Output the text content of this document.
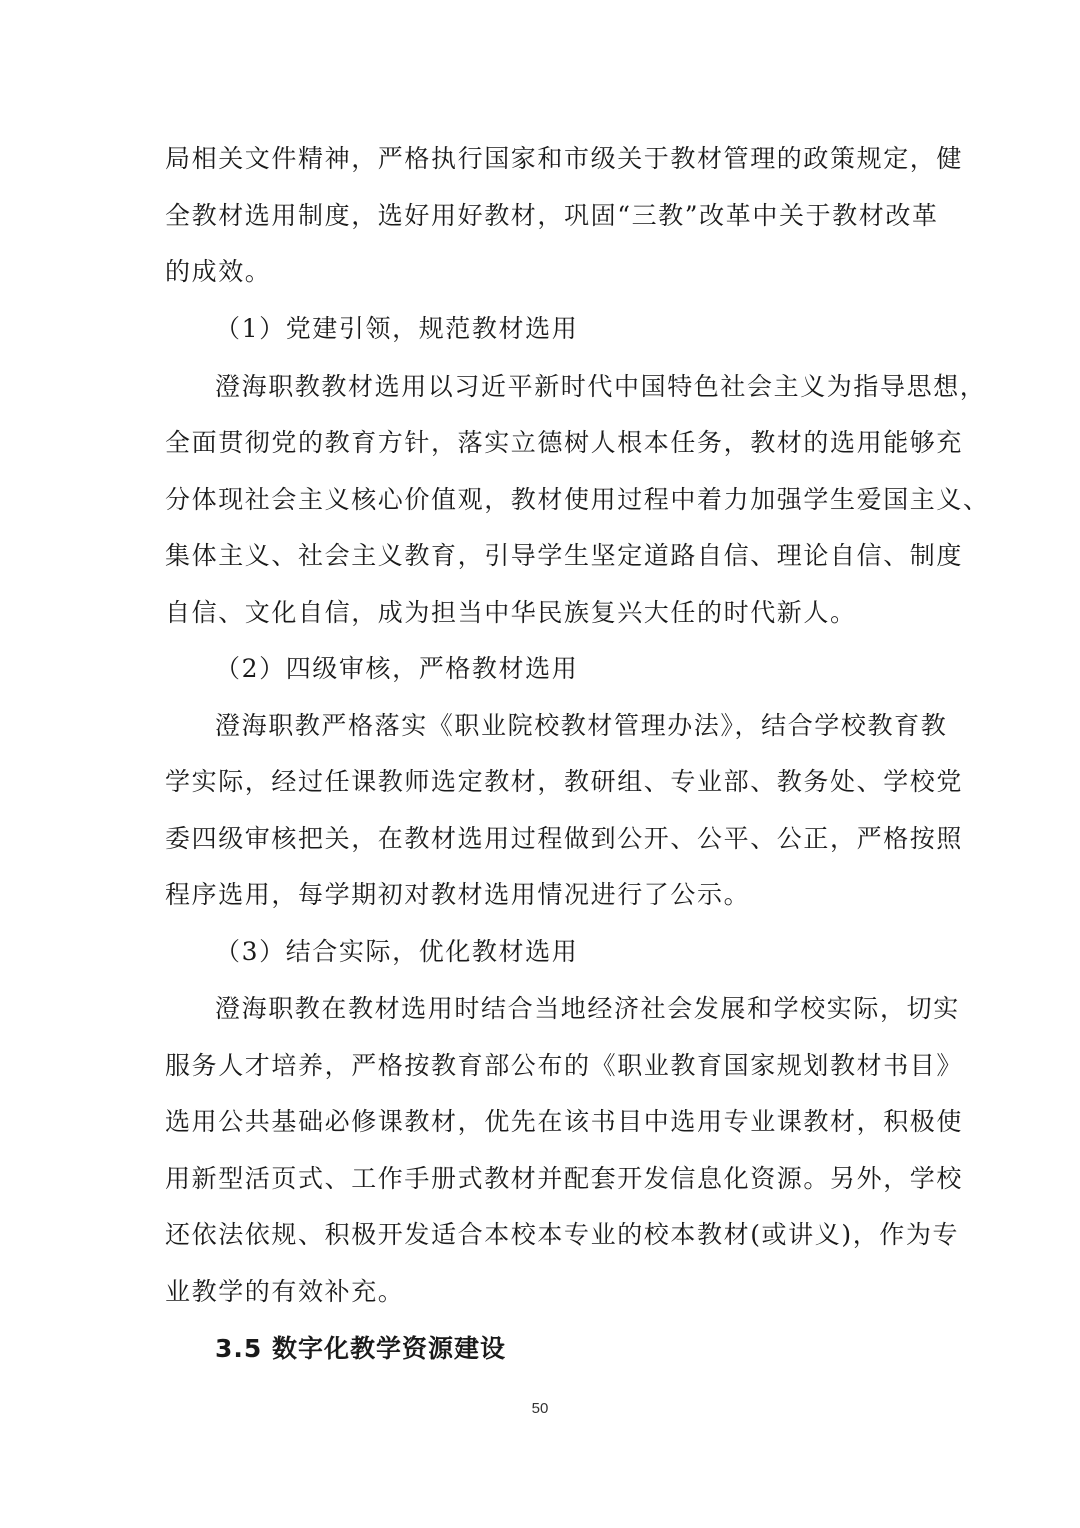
局相关文件精神，严格执行国家和市级关于教材管理的政策规定，健
全教材选用制度，选好用好教材，巩固“三教”改革中关于教材改革
的成效。
（1）党建引领，规范教材选用
澄海职教教材选用以习近平新时代中国特色社会主义为指导思想，
全面贯彻党的教育方针，落实立德树人根本任务，教材的选用能够充
分体现社会主义核心价值观，教材使用过程中着力加强学生爱国主义、
集体主义、社会主义教育，引导学生坚定道路自信、理论自信、制度
自信、文化自信，成为担当中华民族复兴大任的时代新人。
（2）四级审核，严格教材选用
澄海职教严格落实《职业院校教材管理办法》，结合学校教育教
学实际，经过任课教师选定教材，教研组、专业部、教务处、学校党
委四级审核把关，在教材选用过程做到公开、公平、公正，严格按照
程序选用，每学期初对教材选用情况进行了公示。
（3）结合实际，优化教材选用
澄海职教在教材选用时结合当地经济社会发展和学校实际，切实
服务人才培养，严格按教育部公布的《职业教育国家规划教材书目》
选用公共基础必修课教材，优先在该书目中选用专业课教材，积极使
用新型活页式、工作手册式教材并配套开发信息化资源。另外，学校
还依法依规、积极开发适合本校本专业的校本教材(或讲义)，作为专
业教学的有效补充。
3.5 数字化教学资源建设
50
